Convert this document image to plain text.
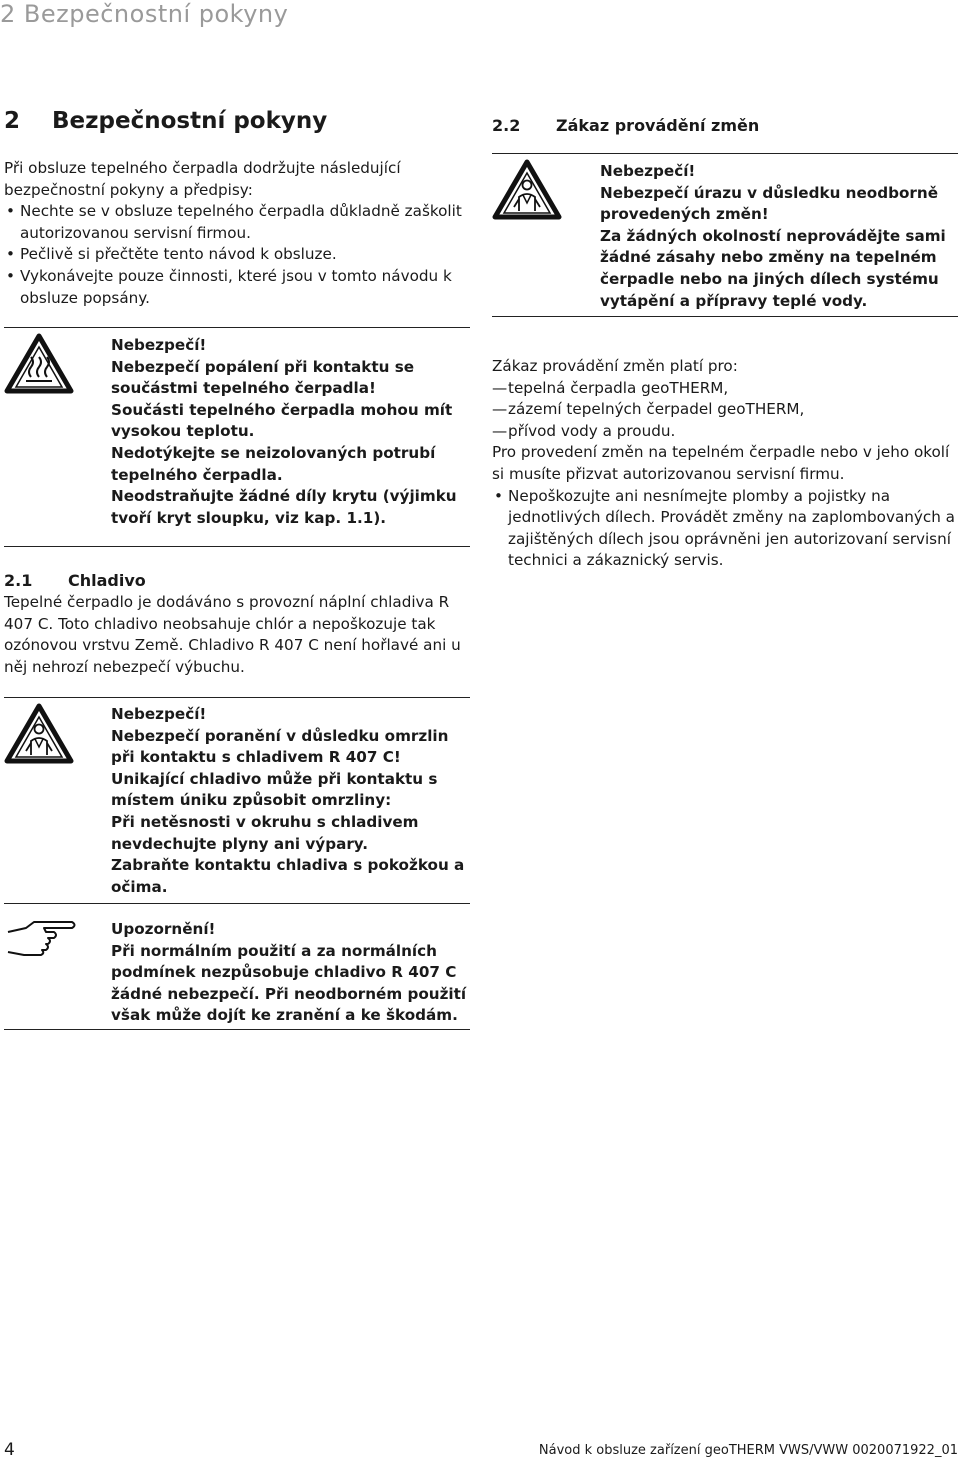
2 Bezpečnostní pokyny
2 Bezpečnostní pokyny
Při obsluze tepelného čerpadla dodržujte následující bezpečnostní pokyny a předpisy:
• Nechte se v obsluze tepelného čerpadla důkladně zaškolit autorizovanou servisní firmou.
• Pečlivě si přečtěte tento návod k obsluze.
• Vykonávejte pouze činnosti, které jsou v tomto návodu k obsluze popsány.

Nebezpečí!

Nebezpečí popálení při kontaktu se součástmi tepelného čerpadla!

Součásti tepelného čerpadla mohou mít vysokou teplotu.

Nedotýkejte se neizolovaných potrubí tepelného čerpadla.

Neodstraňujte žádné díly krytu (výjimku tvoří kryt sloupku, viz kap. 1.1).

2.1 Chladivo
Tepelné čerpadlo je dodáváno s provozní náplní chladiva R 407 C. Toto chladivo neobsahuje chlór a nepoškozuje tak ozónovou vrstvu Země. Chladivo R 407 C není hořlavé ani u něj nehrozí nebezpečí výbuchu.

Nebezpečí!

Nebezpečí poranění v důsledku omrzlin při kontaktu s chladivem R 407 C!

Unikající chladivo může při kontaktu s místem úniku způsobit omrzliny:

Při netěsnosti v okruhu s chladivem nevdechujte plyny ani výpary.

Zabraňte kontaktu chladiva s pokožkou a očima.

Upozornění!

Při normálním použití a za normálních podmínek nezpůsobuje chladivo R 407 C žádné nebezpečí. Při neodborném použití však může dojít ke zranění a ke škodám.

2.2 Zákaz provádění změn

Nebezpečí!

Nebezpečí úrazu v důsledku neodborně provedených změn!

Za žádných okolností neprovádějte sami žádné zásahy nebo změny na tepelném čerpadle nebo na jiných dílech systému vytápění a přípravy teplé vody.

Zákaz provádění změn platí pro:
— tepelná čerpadla geoTHERM,
— zázemí tepelných čerpadel geoTHERM,
— přívod vody a proudu.
Pro provedení změn na tepelném čerpadle nebo v jeho okolí si musíte přizvat autorizovanou servisní firmu.
• Nepoškozujte ani nesnímejte plomby a pojistky na jednotlivých dílech. Provádět změny na zaplombovaných a zajištěných dílech jsou oprávněni jen autorizovaní servisní technici a zákaznický servis.
4	Návod k obsluze zařízení geoTHERM VWS/VWW 0020071922_01
